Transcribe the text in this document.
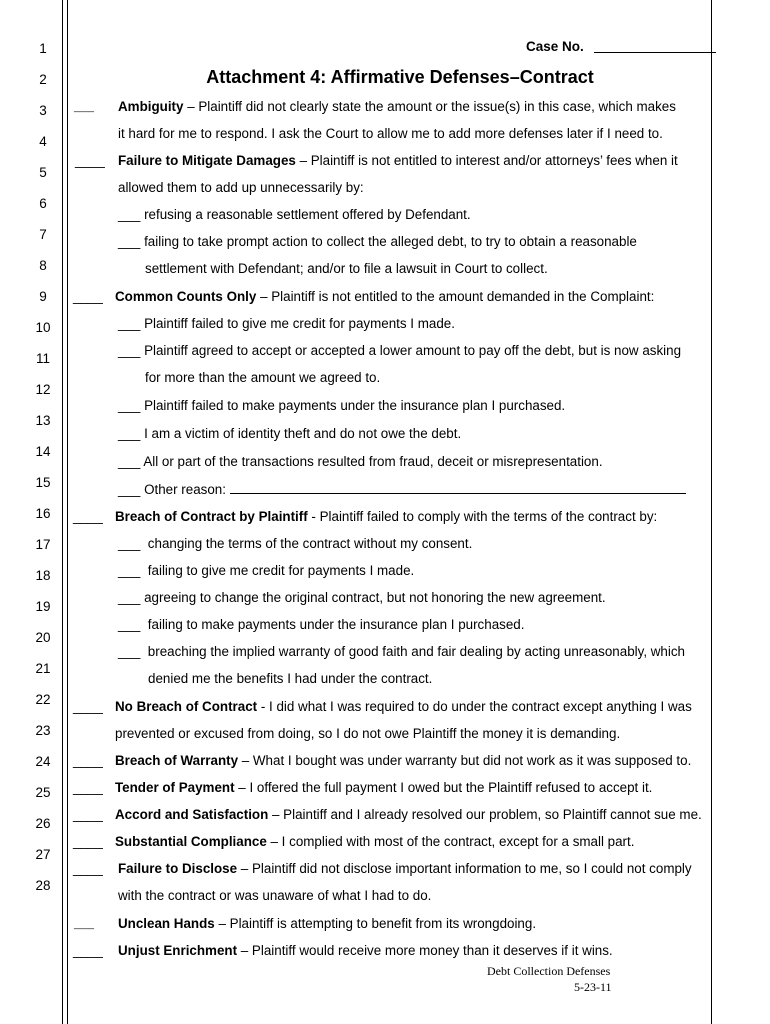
1
2
3
4
5
6
7
8
9
10
11
12
13
14
15
16
17
18
19
20
21
22
23
24
25
26
27
28
Case No.
Attachment 4: Affirmative Defenses–Contract
____ Ambiguity – Plaintiff did not clearly state the amount or the issue(s) in this case, which makes
it hard for me to respond. I ask the Court to allow me to add more defenses later if I need to.
____ Failure to Mitigate Damages – Plaintiff is not entitled to interest and/or attorneys’ fees when it
allowed them to add up unnecessarily by:
___ refusing a reasonable settlement offered by Defendant.
___ failing to take prompt action to collect the alleged debt, to try to obtain a reasonable
settlement with Defendant; and/or to file a lawsuit in Court to collect.
____ Common Counts Only – Plaintiff is not entitled to the amount demanded in the Complaint:
___ Plaintiff failed to give me credit for payments I made.
___ Plaintiff agreed to accept or accepted a lower amount to pay off the debt, but is now asking
for more than the amount we agreed to.
___ Plaintiff failed to make payments under the insurance plan I purchased.
___ I am a victim of identity theft and do not owe the debt.
___ All or part of the transactions resulted from fraud, deceit or misrepresentation.
___ Other reason:
____ Breach of Contract by Plaintiff - Plaintiff failed to comply with the terms of the contract by:
___ changing the terms of the contract without my consent.
___ failing to give me credit for payments I made.
___ agreeing to change the original contract, but not honoring the new agreement.
___ failing to make payments under the insurance plan I purchased.
___ breaching the implied warranty of good faith and fair dealing by acting unreasonably, which
denied me the benefits I had under the contract.
____ No Breach of Contract - I did what I was required to do under the contract except anything I was
prevented or excused from doing, so I do not owe Plaintiff the money it is demanding.
____ Breach of Warranty – What I bought was under warranty but did not work as it was supposed to.
____ Tender of Payment – I offered the full payment I owed but the Plaintiff refused to accept it.
____ Accord and Satisfaction – Plaintiff and I already resolved our problem, so Plaintiff cannot sue me.
____ Substantial Compliance – I complied with most of the contract, except for a small part.
____ Failure to Disclose – Plaintiff did not disclose important information to me, so I could not comply
with the contract or was unaware of what I had to do.
____ Unclean Hands – Plaintiff is attempting to benefit from its wrongdoing.
____ Unjust Enrichment – Plaintiff would receive more money than it deserves if it wins.
Debt Collection Defenses
5-23-11
